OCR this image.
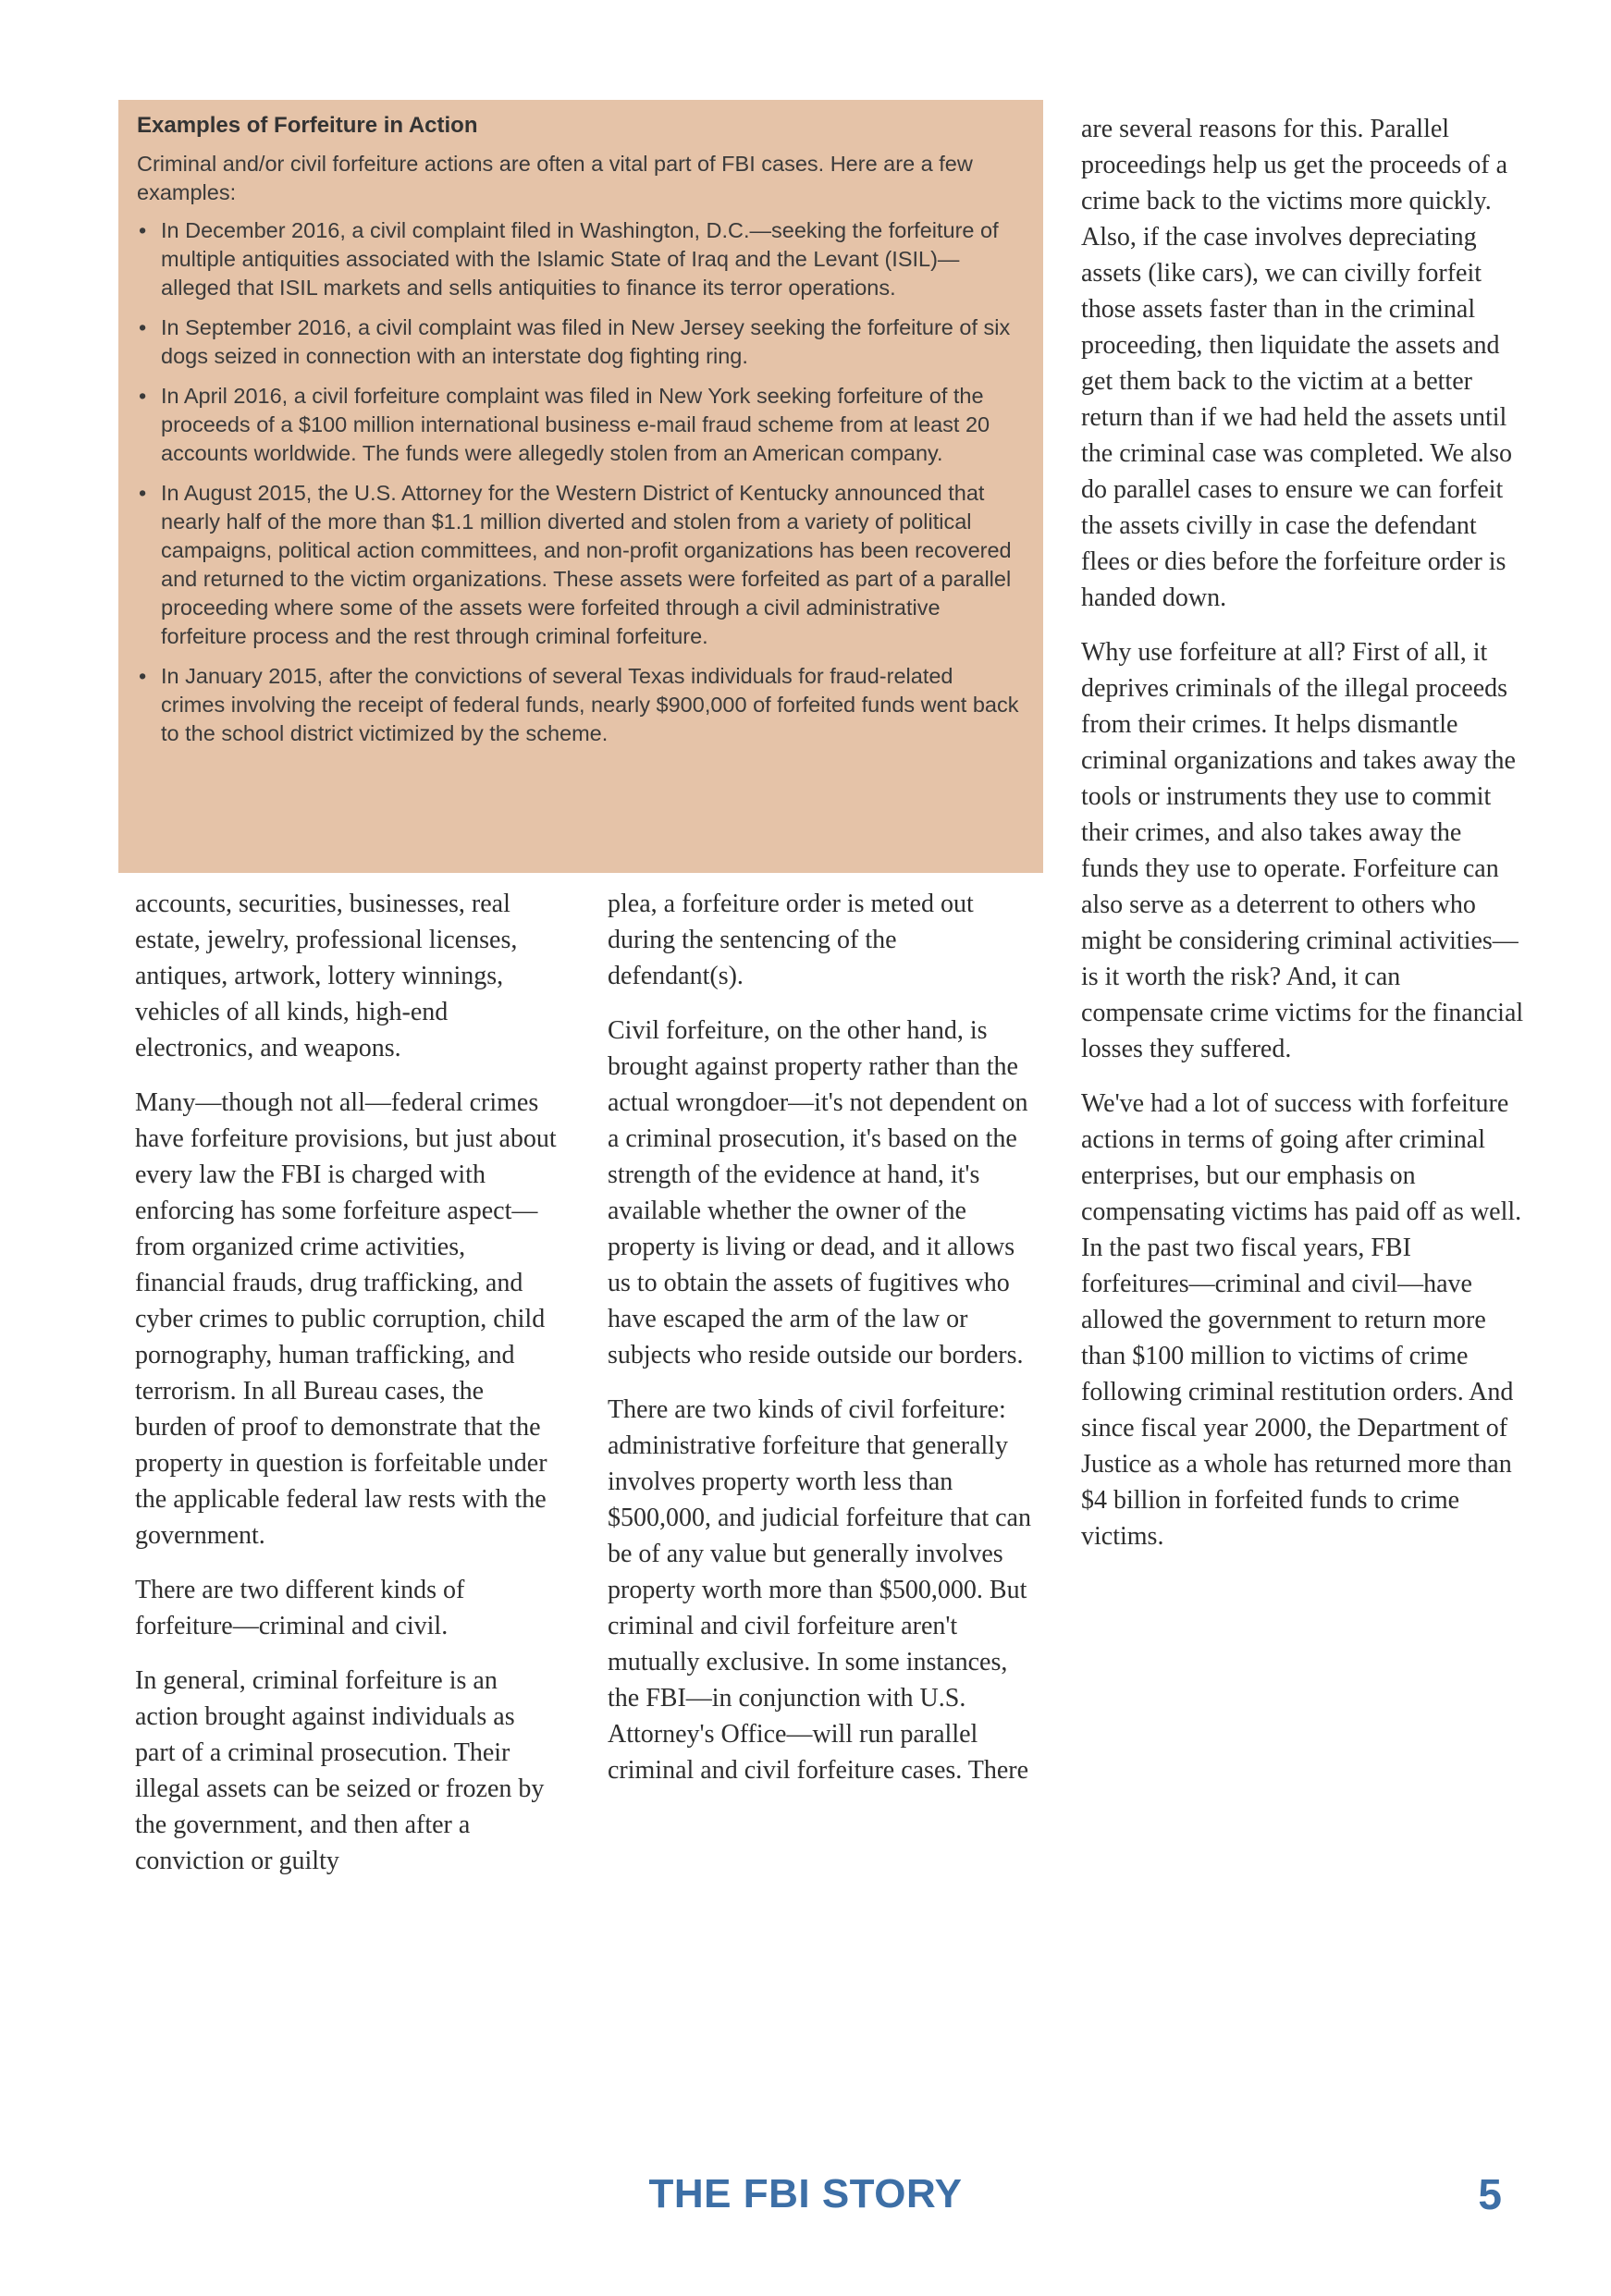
Examples of Forfeiture in Action
Criminal and/or civil forfeiture actions are often a vital part of FBI cases. Here are a few examples:
• In December 2016, a civil complaint filed in Washington, D.C.—seeking the forfeiture of multiple antiquities associated with the Islamic State of Iraq and the Levant (ISIL)—alleged that ISIL markets and sells antiquities to finance its terror operations.
• In September 2016, a civil complaint was filed in New Jersey seeking the forfeiture of six dogs seized in connection with an interstate dog fighting ring.
• In April 2016, a civil forfeiture complaint was filed in New York seeking forfeiture of the proceeds of a $100 million international business e-mail fraud scheme from at least 20 accounts worldwide. The funds were allegedly stolen from an American company.
• In August 2015, the U.S. Attorney for the Western District of Kentucky announced that nearly half of the more than $1.1 million diverted and stolen from a variety of political campaigns, political action committees, and non-profit organizations has been recovered and returned to the victim organizations. These assets were forfeited as part of a parallel proceeding where some of the assets were forfeited through a civil administrative forfeiture process and the rest through criminal forfeiture.
• In January 2015, after the convictions of several Texas individuals for fraud-related crimes involving the receipt of federal funds, nearly $900,000 of forfeited funds went back to the school district victimized by the scheme.

accounts, securities, businesses, real estate, jewelry, professional licenses, antiques, artwork, lottery winnings, vehicles of all kinds, high-end electronics, and weapons.

Many—though not all—federal crimes have forfeiture provisions, but just about every law the FBI is charged with enforcing has some forfeiture aspect—from organized crime activities, financial frauds, drug trafficking, and cyber crimes to public corruption, child pornography, human trafficking, and terrorism. In all Bureau cases, the burden of proof to demonstrate that the property in question is forfeitable under the applicable federal law rests with the government.

There are two different kinds of forfeiture—criminal and civil.

In general, criminal forfeiture is an action brought against individuals as part of a criminal prosecution. Their illegal assets can be seized or frozen by the government, and then after a conviction or guilty

plea, a forfeiture order is meted out during the sentencing of the defendant(s).

Civil forfeiture, on the other hand, is brought against property rather than the actual wrongdoer—it's not dependent on a criminal prosecution, it's based on the strength of the evidence at hand, it's available whether the owner of the property is living or dead, and it allows us to obtain the assets of fugitives who have escaped the arm of the law or subjects who reside outside our borders.

There are two kinds of civil forfeiture: administrative forfeiture that generally involves property worth less than $500,000, and judicial forfeiture that can be of any value but generally involves property worth more than $500,000. But criminal and civil forfeiture aren't mutually exclusive. In some instances, the FBI—in conjunction with U.S. Attorney's Office—will run parallel criminal and civil forfeiture cases. There

are several reasons for this. Parallel proceedings help us get the proceeds of a crime back to the victims more quickly. Also, if the case involves depreciating assets (like cars), we can civilly forfeit those assets faster than in the criminal proceeding, then liquidate the assets and get them back to the victim at a better return than if we had held the assets until the criminal case was completed. We also do parallel cases to ensure we can forfeit the assets civilly in case the defendant flees or dies before the forfeiture order is handed down.

Why use forfeiture at all? First of all, it deprives criminals of the illegal proceeds from their crimes. It helps dismantle criminal organizations and takes away the tools or instruments they use to commit their crimes, and also takes away the funds they use to operate. Forfeiture can also serve as a deterrent to others who might be considering criminal activities—is it worth the risk? And, it can compensate crime victims for the financial losses they suffered.

We've had a lot of success with forfeiture actions in terms of going after criminal enterprises, but our emphasis on compensating victims has paid off as well. In the past two fiscal years, FBI forfeitures—criminal and civil—have allowed the government to return more than $100 million to victims of crime following criminal restitution orders. And since fiscal year 2000, the Department of Justice as a whole has returned more than $4 billion in forfeited funds to crime victims.

THE FBI STORY	5
